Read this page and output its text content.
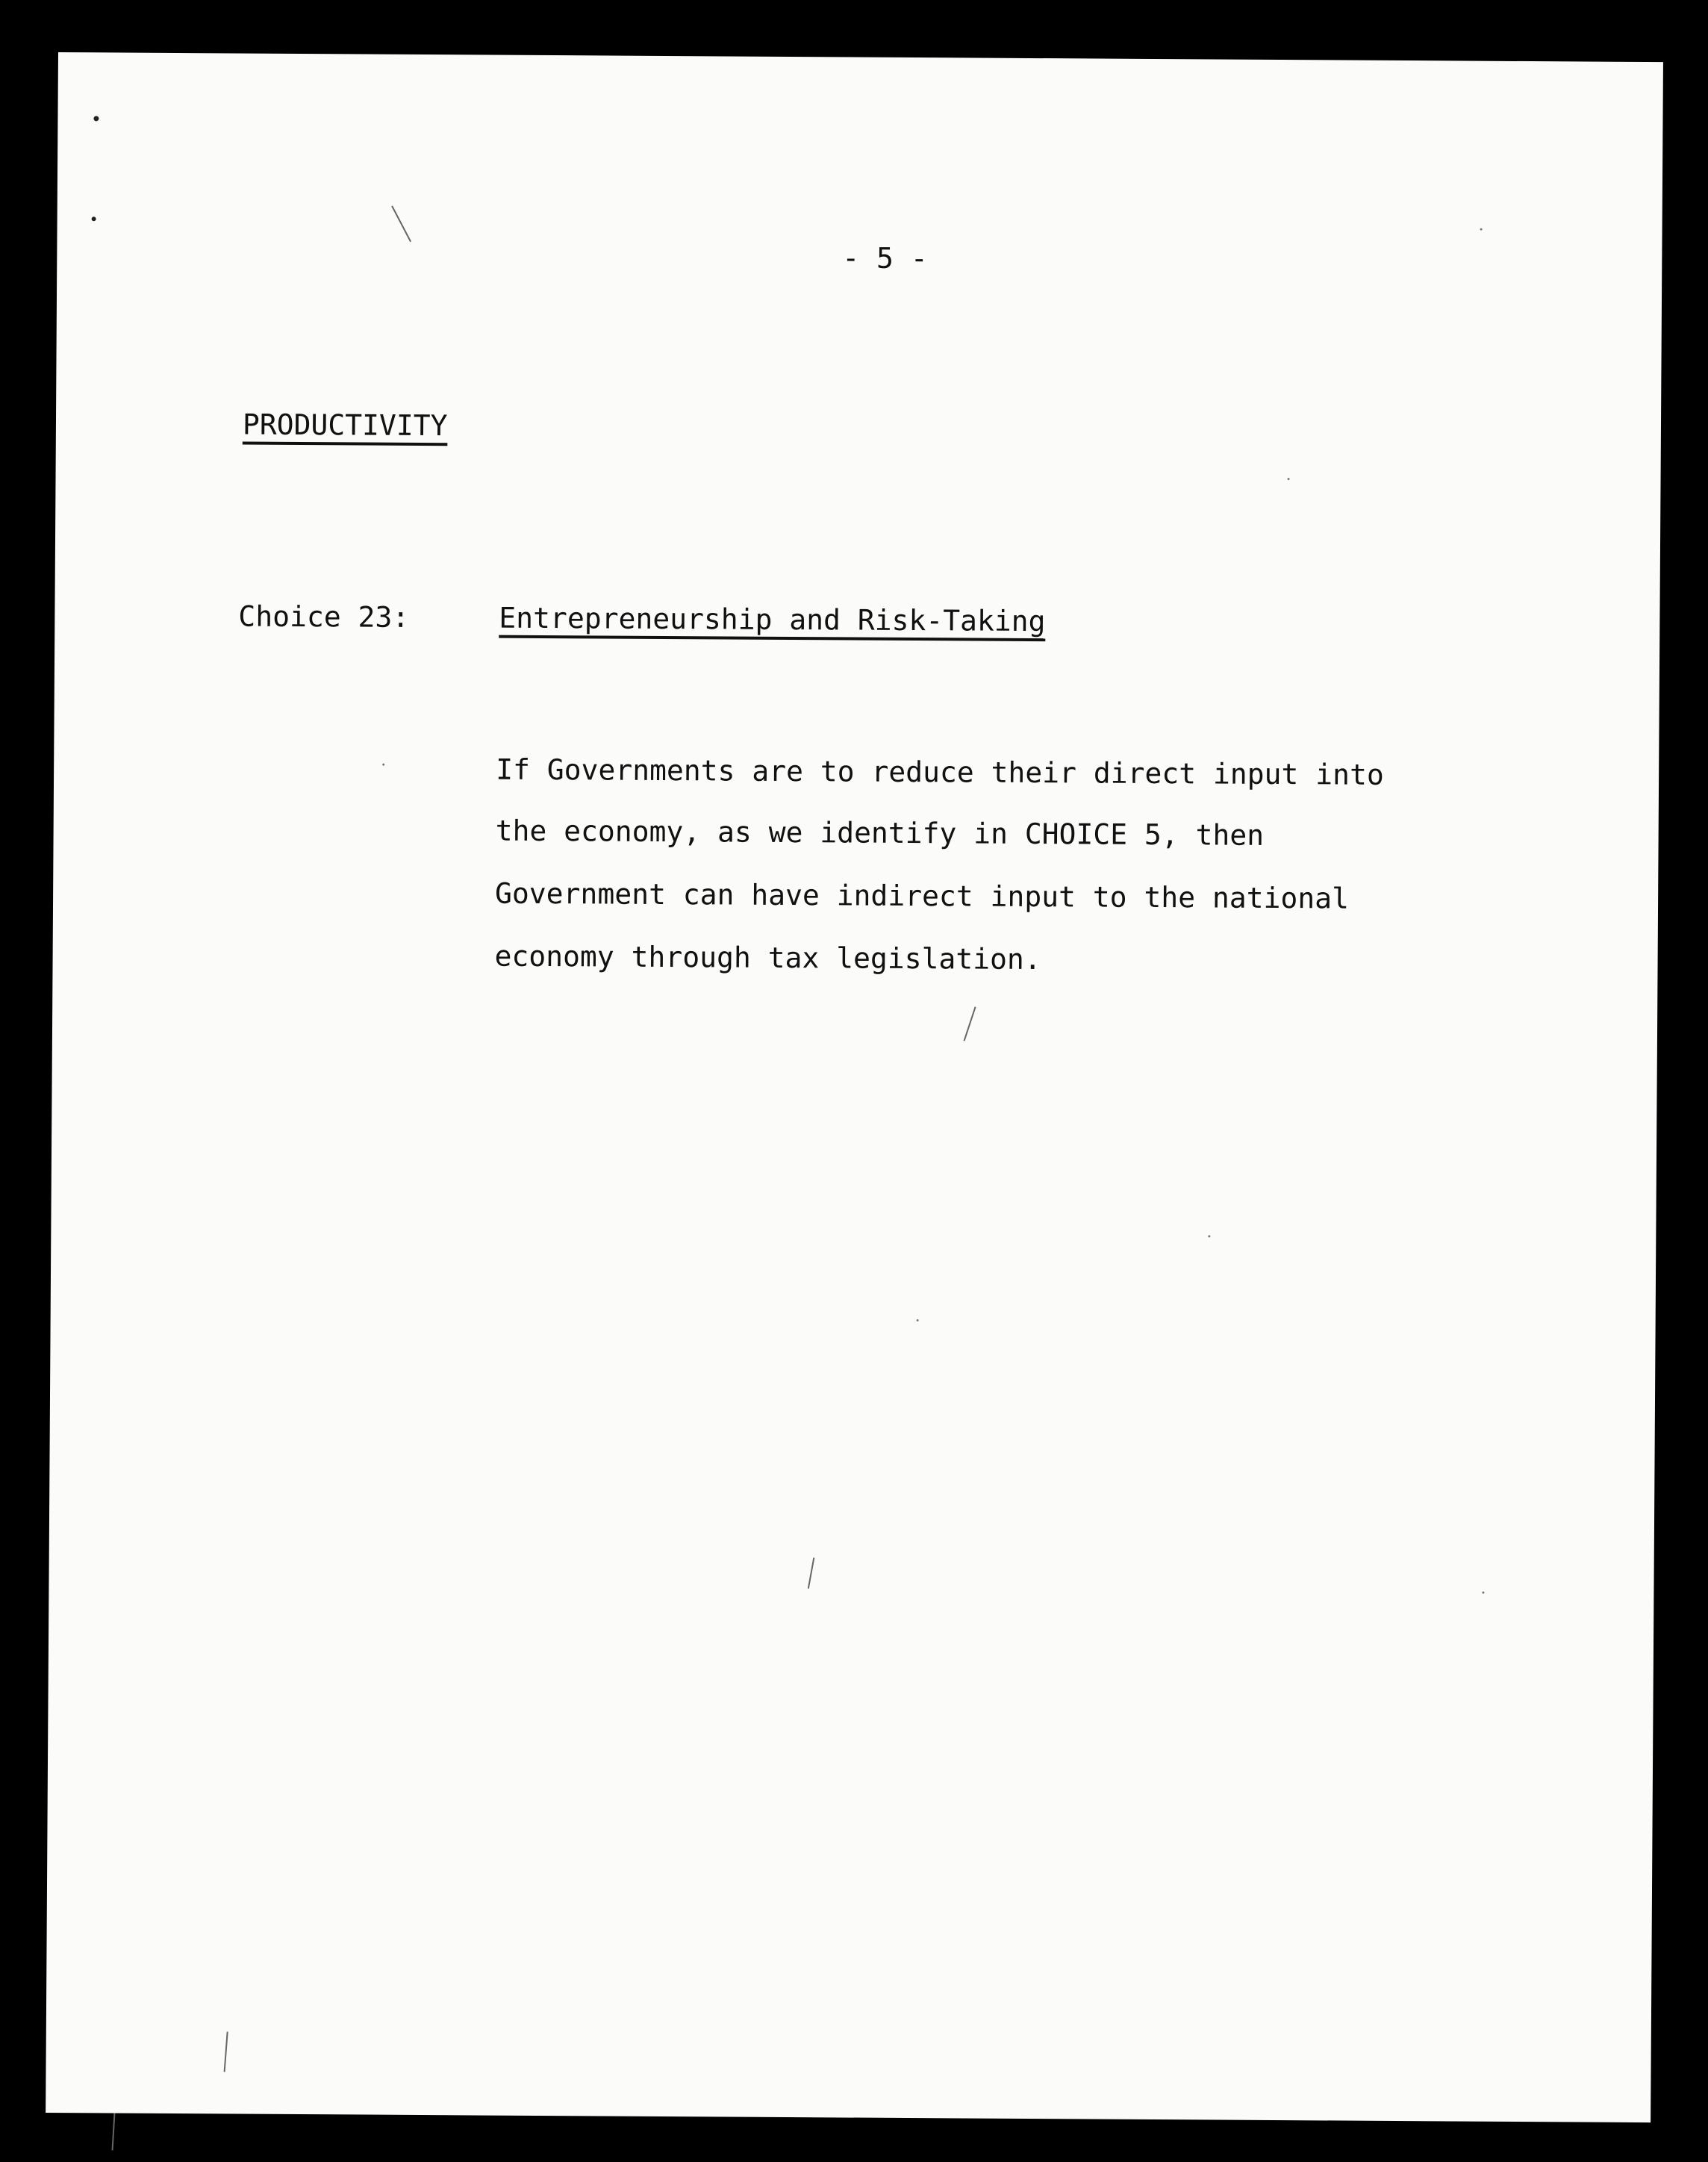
- 5 -

PRODUCTIVITY

Choice 23:	Entrepreneurship and Risk-Taking

If Governments are to reduce their direct input into

the economy, as we identify in CHOICE 5, then

Government can have indirect input to the national

economy through tax legislation.
